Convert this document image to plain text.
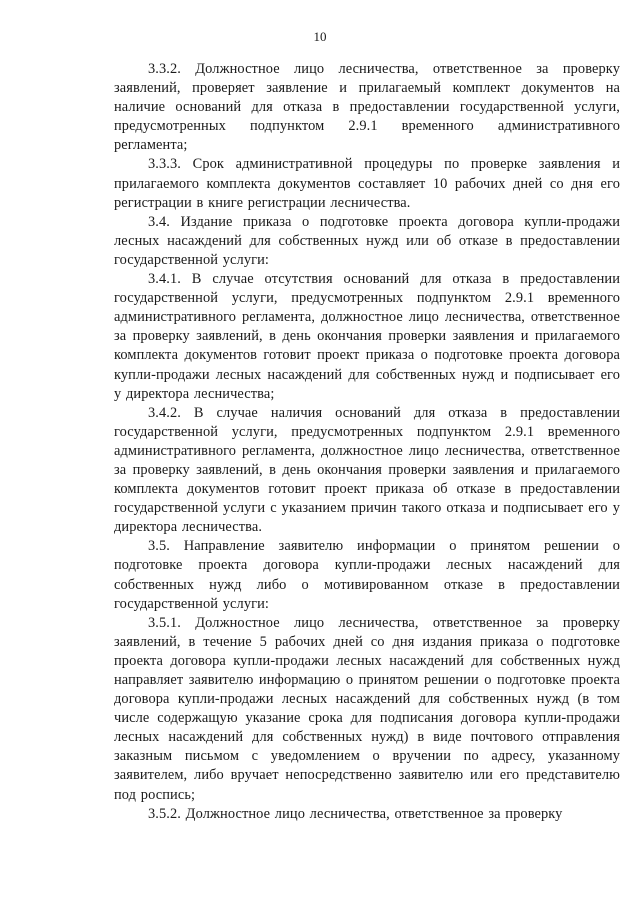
10

3.3.2. Должностное лицо лесничества, ответственное за проверку заявлений, проверяет заявление и прилагаемый комплект документов на наличие оснований для отказа в предоставлении государственной услуги, предусмотренных подпунктом 2.9.1 временного административного регламента;

3.3.3. Срок административной процедуры по проверке заявления и прилагаемого комплекта документов составляет 10 рабочих дней со дня его регистрации в книге регистрации лесничества.

3.4. Издание приказа о подготовке проекта договора купли-продажи лесных насаждений для собственных нужд или об отказе в предоставлении государственной услуги:

3.4.1. В случае отсутствия оснований для отказа в предоставлении государственной услуги, предусмотренных подпунктом 2.9.1 временного административного регламента, должностное лицо лесничества, ответственное за проверку заявлений, в день окончания проверки заявления и прилагаемого комплекта документов готовит проект приказа о подготовке проекта договора купли-продажи лесных насаждений для собственных нужд и подписывает его у директора лесничества;

3.4.2. В случае наличия оснований для отказа в предоставлении государственной услуги, предусмотренных подпунктом 2.9.1 временного административного регламента, должностное лицо лесничества, ответственное за проверку заявлений, в день окончания проверки заявления и прилагаемого комплекта документов готовит проект приказа об отказе в предоставлении государственной услуги с указанием причин такого отказа и подписывает его у директора лесничества.

3.5. Направление заявителю информации о принятом решении о подготовке проекта договора купли-продажи лесных насаждений для собственных нужд либо о мотивированном отказе в предоставлении государственной услуги:

3.5.1. Должностное лицо лесничества, ответственное за проверку заявлений, в течение 5 рабочих дней со дня издания приказа о подготовке проекта договора купли-продажи лесных насаждений для собственных нужд направляет заявителю информацию о принятом решении о подготовке проекта договора купли-продажи лесных насаждений для собственных нужд (в том числе содержащую указание срока для подписания договора купли-продажи лесных насаждений для собственных нужд) в виде почтового отправления заказным письмом с уведомлением о вручении по адресу, указанному заявителем, либо вручает непосредственно заявителю или его представителю под роспись;

3.5.2. Должностное лицо лесничества, ответственное за проверку
